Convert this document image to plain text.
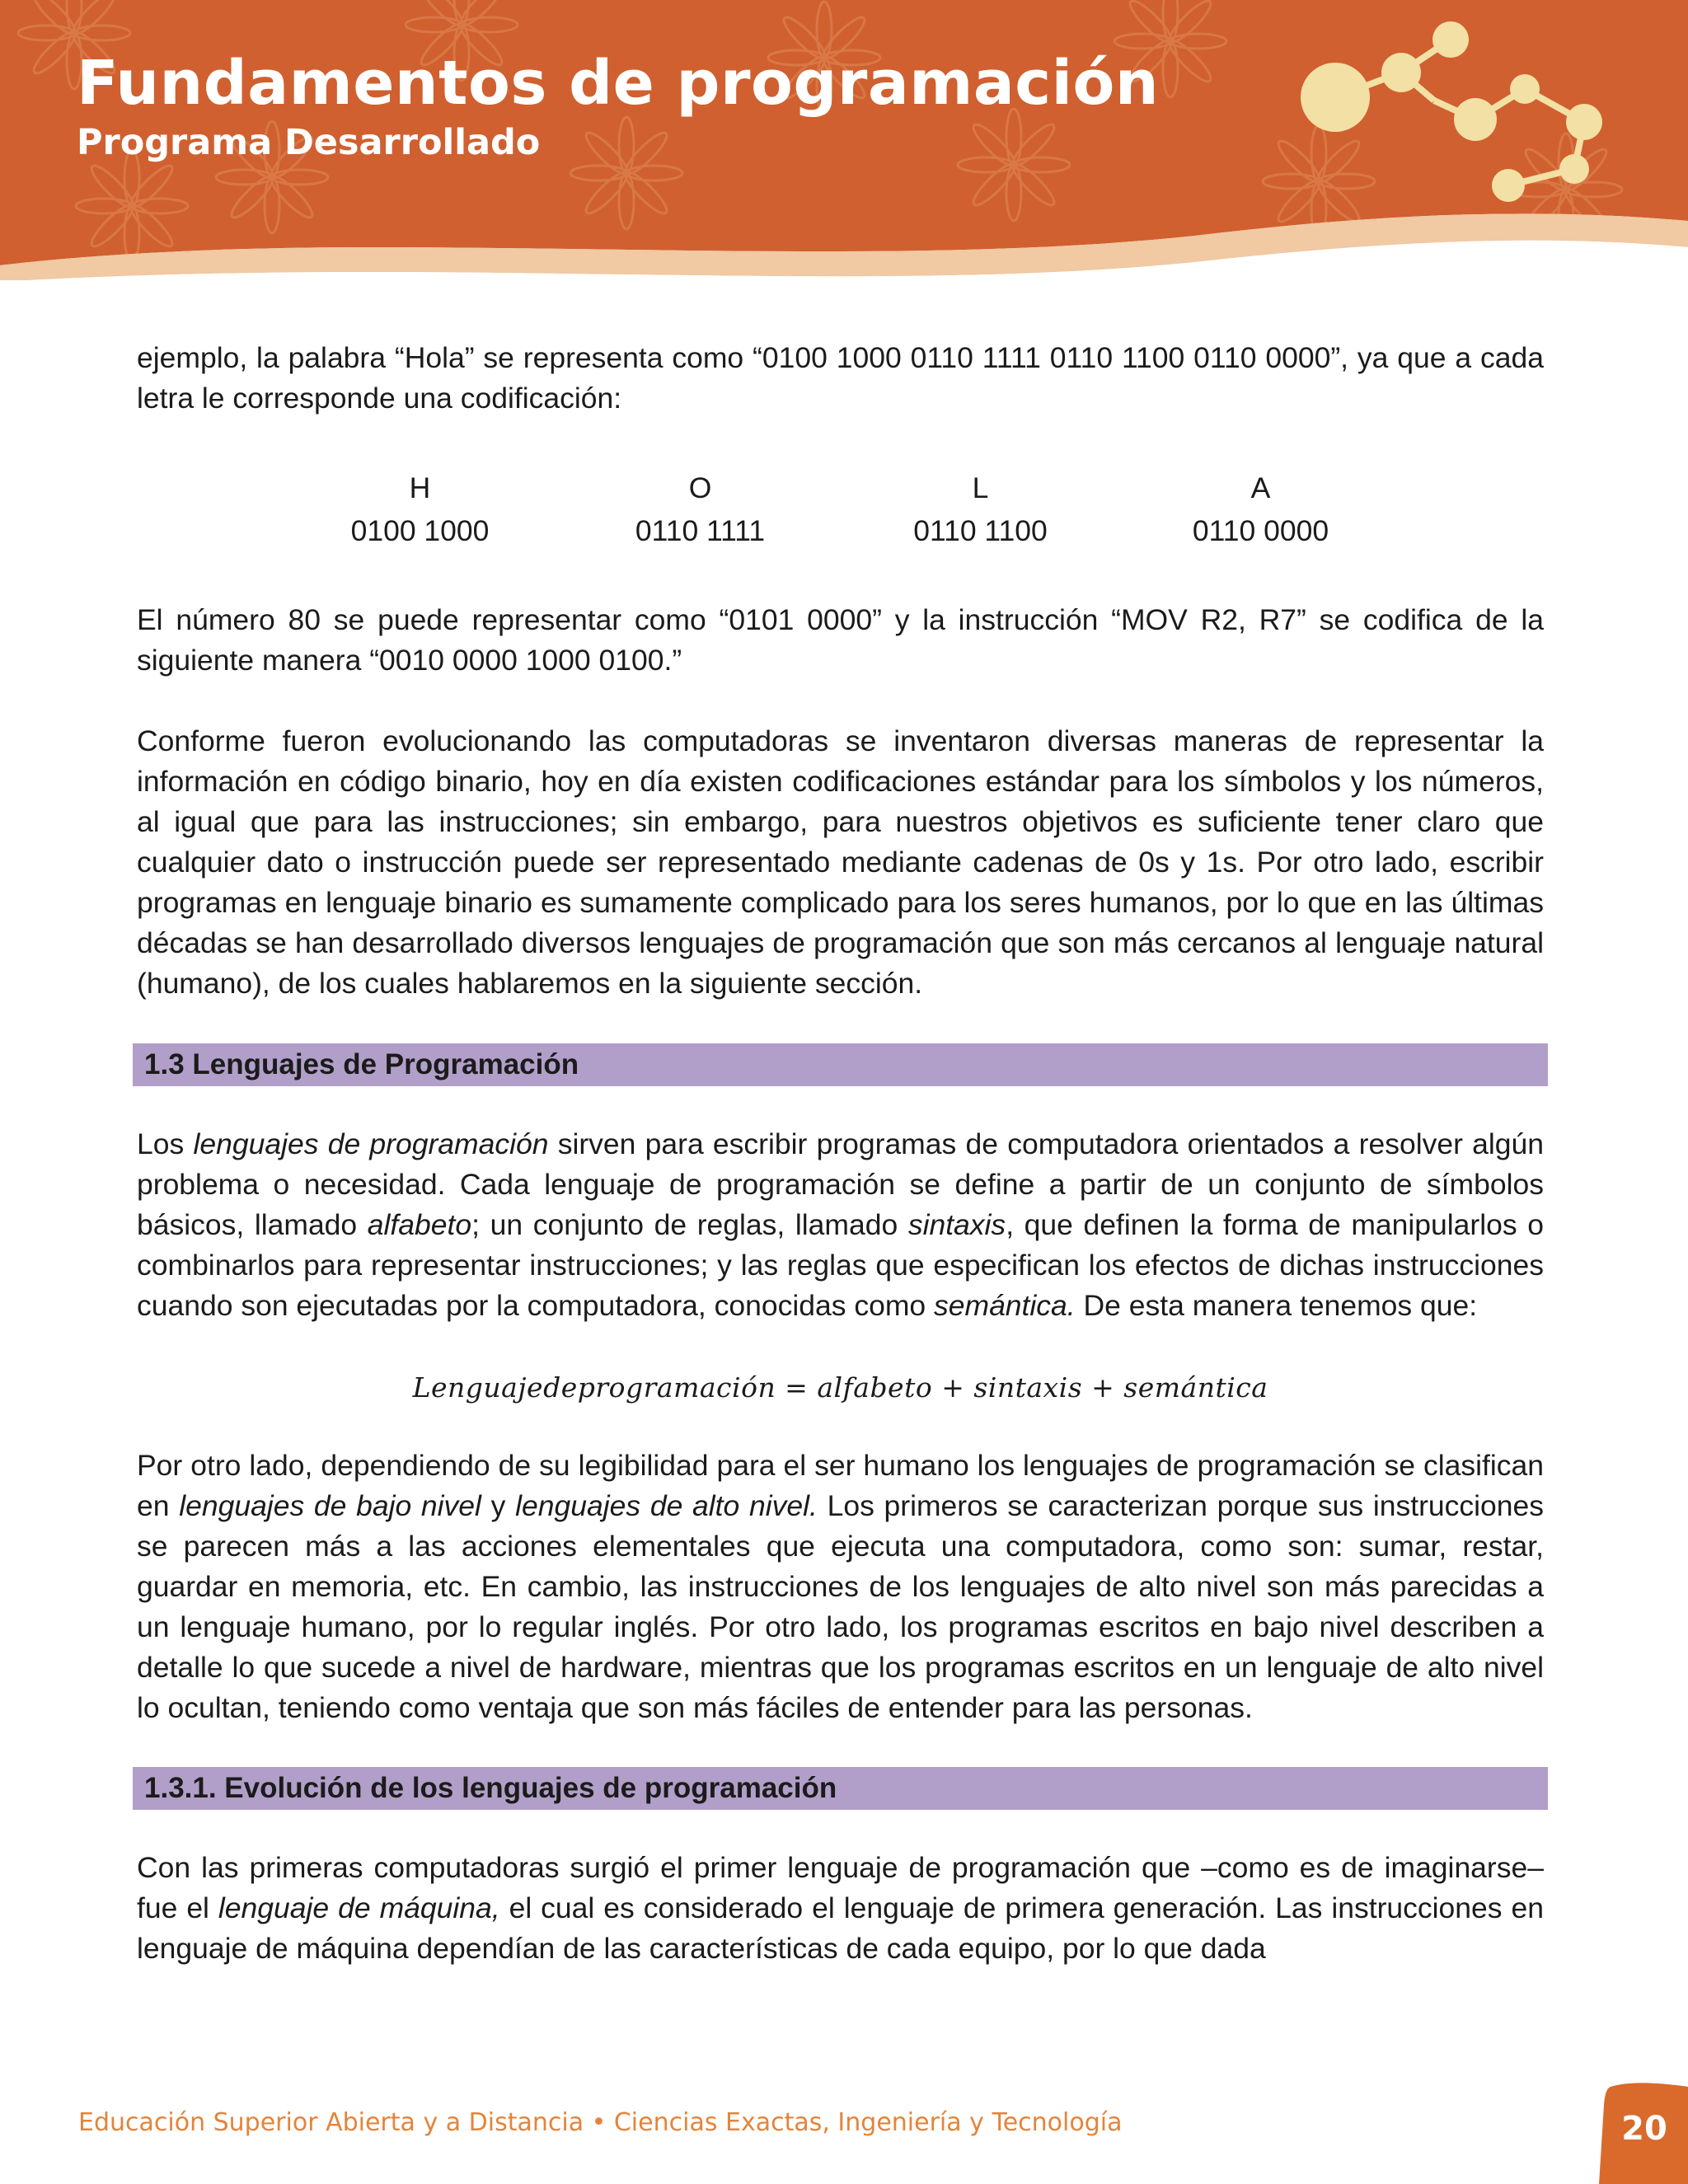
Fundamentos de programación
Programa Desarrollado

ejemplo, la palabra “Hola” se representa como “0100 1000 0110 1111 0110 1100 0110 0000”, ya que a cada letra le corresponde una codificación:

H	O	L	A
0100 1000	0110 1111	0110 1100	0110 0000

El número 80 se puede representar como “0101 0000” y la instrucción “MOV R2, R7” se codifica de la siguiente manera “0010 0000 1000 0100.”

Conforme fueron evolucionando las computadoras se inventaron diversas maneras de representar la información en código binario, hoy en día existen codificaciones estándar para los símbolos y los números, al igual que para las instrucciones; sin embargo, para nuestros objetivos es suficiente tener claro que cualquier dato o instrucción puede ser representado mediante cadenas de 0s y 1s. Por otro lado, escribir programas en lenguaje binario es sumamente complicado para los seres humanos, por lo que en las últimas décadas se han desarrollado diversos lenguajes de programación que son más cercanos al lenguaje natural (humano), de los cuales hablaremos en la siguiente sección.

1.3 Lenguajes de Programación

Los lenguajes de programación sirven para escribir programas de computadora orientados a resolver algún problema o necesidad. Cada lenguaje de programación se define a partir de un conjunto de símbolos básicos, llamado alfabeto; un conjunto de reglas, llamado sintaxis, que definen la forma de manipularlos o combinarlos para representar instrucciones; y las reglas que especifican los efectos de dichas instrucciones cuando son ejecutadas por la computadora, conocidas como semántica. De esta manera tenemos que:

Lenguajedeprogramación = alfabeto + sintaxis + semántica

Por otro lado, dependiendo de su legibilidad para el ser humano los lenguajes de programación se clasifican en lenguajes de bajo nivel y lenguajes de alto nivel. Los primeros se caracterizan porque sus instrucciones se parecen más a las acciones elementales que ejecuta una computadora, como son: sumar, restar, guardar en memoria, etc. En cambio, las instrucciones de los lenguajes de alto nivel son más parecidas a un lenguaje humano, por lo regular inglés. Por otro lado, los programas escritos en bajo nivel describen a detalle lo que sucede a nivel de hardware, mientras que los programas escritos en un lenguaje de alto nivel lo ocultan, teniendo como ventaja que son más fáciles de entender para las personas.

1.3.1. Evolución de los lenguajes de programación

Con las primeras computadoras surgió el primer lenguaje de programación que –como es de imaginarse– fue el lenguaje de máquina, el cual es considerado el lenguaje de primera generación. Las instrucciones en lenguaje de máquina dependían de las características de cada equipo, por lo que dada

Educación Superior Abierta y a Distancia • Ciencias Exactas, Ingeniería y Tecnología	20
